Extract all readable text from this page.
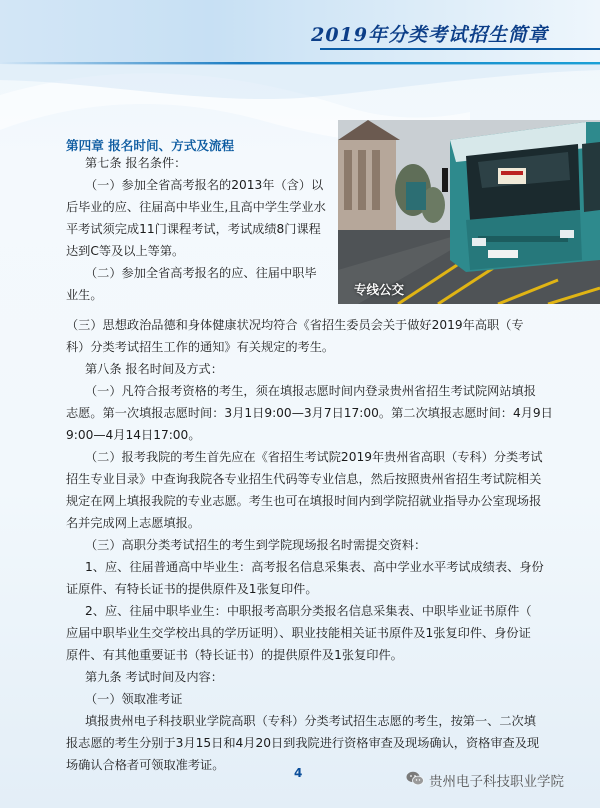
2019年分类考试招生简章
专线公交
第四章 报名时间、方式及流程
第七条 报名条件：
（一）参加全省高考报名的2013年（含）以
后毕业的应、往届高中毕业生,且高中学生学业水
平考试须完成11门课程考试，考试成绩8门课程
达到C等及以上等第。
（二）参加全省高考报名的应、往届中职毕
业生。
（三）思想政治品德和身体健康状况均符合《省招生委员会关于做好2019年高职（专
科）分类考试招生工作的通知》有关规定的考生。
第八条 报名时间及方式：
（一）凡符合报考资格的考生，须在填报志愿时间内登录贵州省招生考试院网站填报
志愿。第一次填报志愿时间：3月1日9:00—3月7日17:00。第二次填报志愿时间：4月9日
9:00—4月14日17:00。
（二）报考我院的考生首先应在《省招生考试院2019年贵州省高职（专科）分类考试
招生专业目录》中查询我院各专业招生代码等专业信息，然后按照贵州省招生考试院相关
规定在网上填报我院的专业志愿。考生也可在填报时间内到学院招就业指导办公室现场报
名并完成网上志愿填报。
（三）高职分类考试招生的考生到学院现场报名时需提交资料：
1、应、往届普通高中毕业生：高考报名信息采集表、高中学业水平考试成绩表、身份
证原件、有特长证书的提供原件及1张复印件。
2、应、往届中职毕业生：中职报考高职分类报名信息采集表、中职毕业证书原件（
应届中职毕业生交学校出具的学历证明）、职业技能相关证书原件及1张复印件、身份证
原件、有其他重要证书（特长证书）的提供原件及1张复印件。
第九条 考试时间及内容：
（一）领取准考证
填报贵州电子科技职业学院高职（专科）分类考试招生志愿的考生，按第一、二次填
报志愿的考生分别于3月15日和4月20日到我院进行资格审查及现场确认，资格审查及现
场确认合格者可领取准考证。
4
贵州电子科技职业学院
